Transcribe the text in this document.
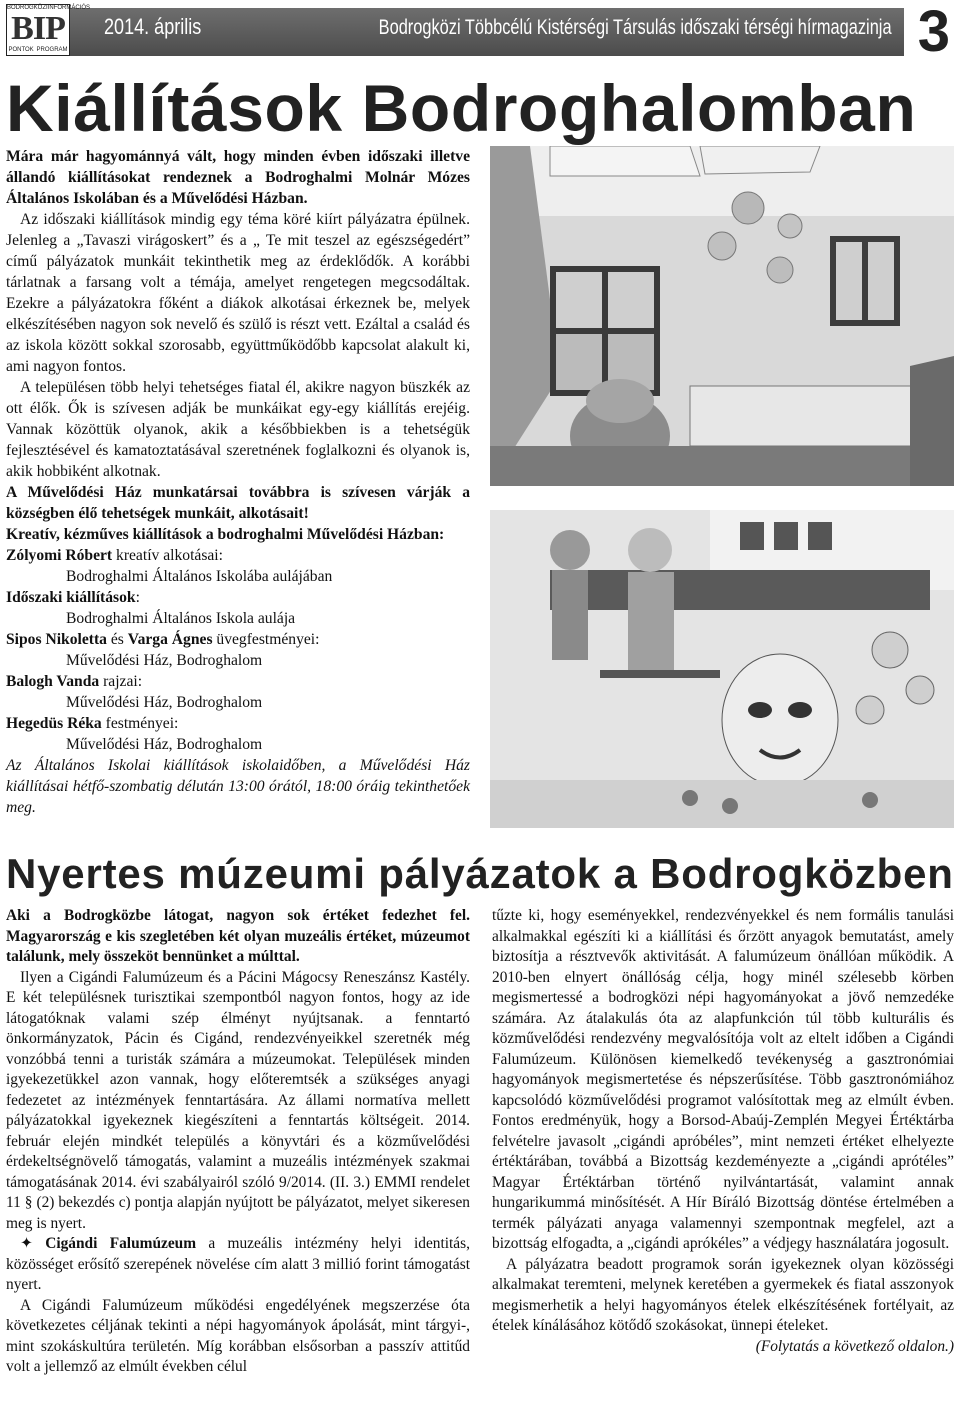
BODROGKÖZI INFORMÁCIÓS
BIP
PONTOK PROGRAM
2014. április	Bodrogközi Többcélú Kistérségi Társulás időszaki térségi hírmagazinja 3
Kiállítások Bodroghalomban

Mára már hagyománnyá vált, hogy minden évben időszaki illetve állandó kiállításokat rendeznek a Bodroghalmi Molnár Mózes Általános Iskolában és a Művelődési Házban.

Az időszaki kiállítások mindig egy téma köré kiírt pályázatra épülnek. Jelenleg a „Tavaszi virágoskert” és a „ Te mit teszel az egészségedért” című pályázatok munkáit tekinthetik meg az érdeklődők. A korábbi tárlatnak a farsang volt a témája, amelyet rengetegen megcsodáltak. Ezekre a pályázatokra főként a diákok alkotásai érkeznek be, melyek elkészítésében nagyon sok nevelő és szülő is részt vett. Ezáltal a család és az iskola között sokkal szorosabb, együttműködőbb kapcsolat alakult ki, ami nagyon fontos.

A településen több helyi tehetséges fiatal él, akikre nagyon büszkék az ott élők. Ők is szívesen adják be munkáikat egy-egy kiállítás erejéig. Vannak közöttük olyanok, akik a későbbiekben is a tehetségük fejlesztésével és kamatoztatásával szeretnének foglalkozni és olyanok is, akik hobbiként alkotnak.

A Művelődési Ház munkatársai továbbra is szívesen várják a községben élő tehetségek munkáit, alkotásait!

Kreatív, kézműves kiállítások a bodroghalmi Művelődési Házban:

Zólyomi Róbert kreatív alkotásai:

Bodroghalmi Általános Iskolába aulájában

Időszaki kiállítások:

Bodroghalmi Általános Iskola aulája

Sipos Nikoletta és Varga Ágnes üvegfestményei:

Művelődési Ház, Bodroghalom

Balogh Vanda rajzai:

Művelődési Ház, Bodroghalom

Hegedüs Réka festményei:

Művelődési Ház, Bodroghalom

Az Általános Iskolai kiállítások iskolaidőben, a Művelődési Ház kiállításai hétfő-szombatig délután 13:00 órától, 18:00 óráig tekinthetőek meg.

Nyertes múzeumi pályázatok a Bodrogközben

Aki a Bodrogközbe látogat, nagyon sok értéket fedezhet fel. Magyarország e kis szegletében két olyan muzeális értéket, múzeumot találunk, mely összeköt bennünket a múlttal.

Ilyen a Cigándi Falumúzeum és a Pácini Mágocsy Reneszánsz Kastély. E két településnek turisztikai szempontból nagyon fontos, hogy az ide látogatóknak valami szép élményt nyújtsanak. a fenntartó önkormányzatok, Pácin és Cigánd, rendezvényeikkel szeretnék még vonzóbbá tenni a turisták számára a múzeumokat. Települések minden igyekezetükkel azon vannak, hogy előteremtsék a szükséges anyagi fedezetet az intézmények fenntartására. Az állami normatíva mellett pályázatokkal igyekeznek kiegészíteni a fenntartás költségeit. 2014. február elején mindkét település a könyvtári és a közművelődési érdekeltségnövelő támogatás, valamint a muzeális intézmények szakmai támogatásának 2014. évi szabályairól szóló 9/2014. (II. 3.) EMMI rendelet 11 § (2) bekezdés c) pontja alapján nyújtott be pályázatot, melyet sikeresen meg is nyert.

✦ Cigándi Falumúzeum a muzeális intézmény helyi identitás, közösséget erősítő szerepének növelése cím alatt 3 millió forint támogatást nyert.

A Cigándi Falumúzeum működési engedélyének megszerzése óta következetes céljának tekinti a népi hagyományok ápolását, mint tárgyi-, mint szokáskultúra területén. Míg korábban elsősorban a passzív attitűd volt a jellemző az elmúlt években célul

tűzte ki, hogy eseményekkel, rendezvényekkel és nem formális tanulási alkalmakkal egészíti ki a kiállítási és őrzött anyagok bemutatást, amely biztosítja a résztvevők aktivitását. A falumúzeum önállóan működik. A 2010-ben elnyert önállóság célja, hogy minél szélesebb körben megismertessé a bodrogközi népi hagyományokat a jövő nemzedéke számára. Az átalakulás óta az alapfunkción túl több kulturális és közművelődési rendezvény megvalósítója volt az eltelt időben a Cigándi Falumúzeum. Különösen kiemelkedő tevékenység a gasztronómiai hagyományok megismertetése és népszerűsítése. Több gasztronómiához kapcsolódó közművelődési programot valósítottak meg az elmúlt évben. Fontos eredményük, hogy a Borsod-Abaúj-Zemplén Megyei Értéktárba felvételre javasolt „cigándi apróbéles”, mint nemzeti értéket elhelyezte értéktárában, továbbá a Bizottság kezdeményezte a „cigándi aprótéles” Magyar Értéktárban történő nyilvántartását, valamint annak hungarikummá minősítését. A Hír Bíráló Bizottság döntése értelmében a termék pályázati anyaga valamennyi szempontnak megfelel, azt a bizottság elfogadta, a „cigándi aprókéles” a védjegy használatára jogosult.

A pályázatra beadott programok során igyekeznek olyan közösségi alkalmakat teremteni, melynek keretében a gyermekek és fiatal asszonyok megismerhetik a helyi hagyományos ételek elkészítésének fortélyait, az ételek kínálásához kötődő szokásokat, ünnepi ételeket.
(Folytatás a következő oldalon.)
